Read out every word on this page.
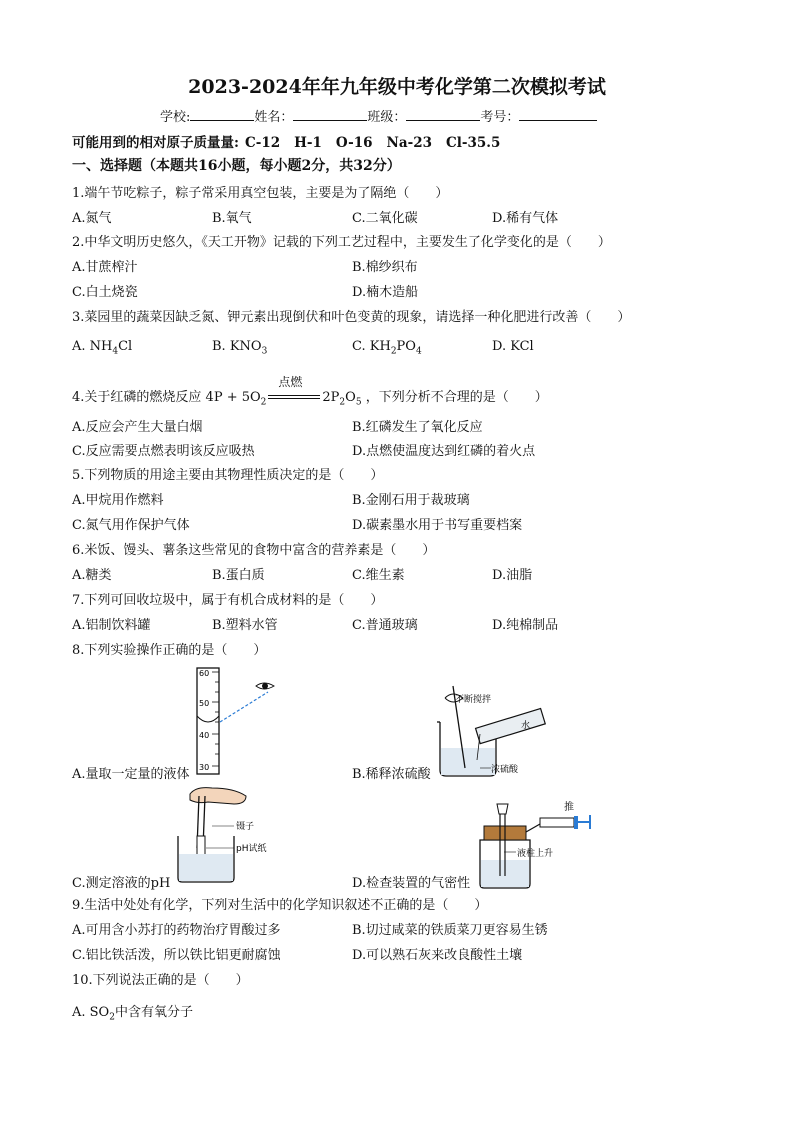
2023-2024年年九年级中考化学第二次模拟考试
学校:	姓名：	班级：	考号：
可能用到的相对原子质量量: C-12 H-1 O-16 Na-23 Cl-35.5
一、选择题（本题共16小题，每小题2分，共32分）
1.端午节吃粽子，粽子常采用真空包装，主要是为了隔绝（　　）
A.氮气	B.氧气	C.二氧化碳	D.稀有气体
2.中华文明历史悠久，《天工开物》记载的下列工艺过程中，主要发生了化学变化的是（　　）
A.甘蔗榨汁	B.棉纱织布
C.白土烧瓷	D.楠木造船
3.菜园里的蔬菜因缺乏氮、钾元素出现倒伏和叶色变黄的现象，请选择一种化肥进行改善（　　）
A. $NH_4Cl$	B. $KNO_3$	C. $KH_2PO_4$	D. KCl
4.关于红磷的燃烧反应 $4P + 5O_2$
点燃
$2P_2O_5$ ，下列分析不合理的是（　　）
A.反应会产生大量白烟	B.红磷发生了氧化反应
C.反应需要点燃表明该反应吸热	D.点燃使温度达到红磷的着火点
5.下列物质的用途主要由其物理性质决定的是（　　）
A.甲烷用作燃料	B.金刚石用于裁玻璃
C.氮气用作保护气体	D.碳素墨水用于书写重要档案
6.米饭、馒头、薯条这些常见的食物中富含的营养素是（　　）
A.糖类	B.蛋白质	C.维生素	D.油脂
7.下列可回收垃圾中，属于有机合成材料的是（　　）
A.铝制饮料罐	B.塑料水管	C.普通玻璃	D.纯棉制品
8.下列实验操作正确的是（　　）
60
50
40
30
A.量取一定量的液体
不断搅拌
水
浓硫酸
B.稀释浓硫酸
镊子
pH试纸
C.测定溶液的pH
推
液柱上升
D.检查装置的气密性
9.生活中处处有化学，下列对生活中的化学知识叙述不正确的是（　　）
A.可用含小苏打的药物治疗胃酸过多	B.切过咸菜的铁质菜刀更容易生锈
C.铝比铁活泼，所以铁比铝更耐腐蚀	D.可以熟石灰来改良酸性土壤
10.下列说法正确的是（　　）
A. $SO_2$中含有氧分子
